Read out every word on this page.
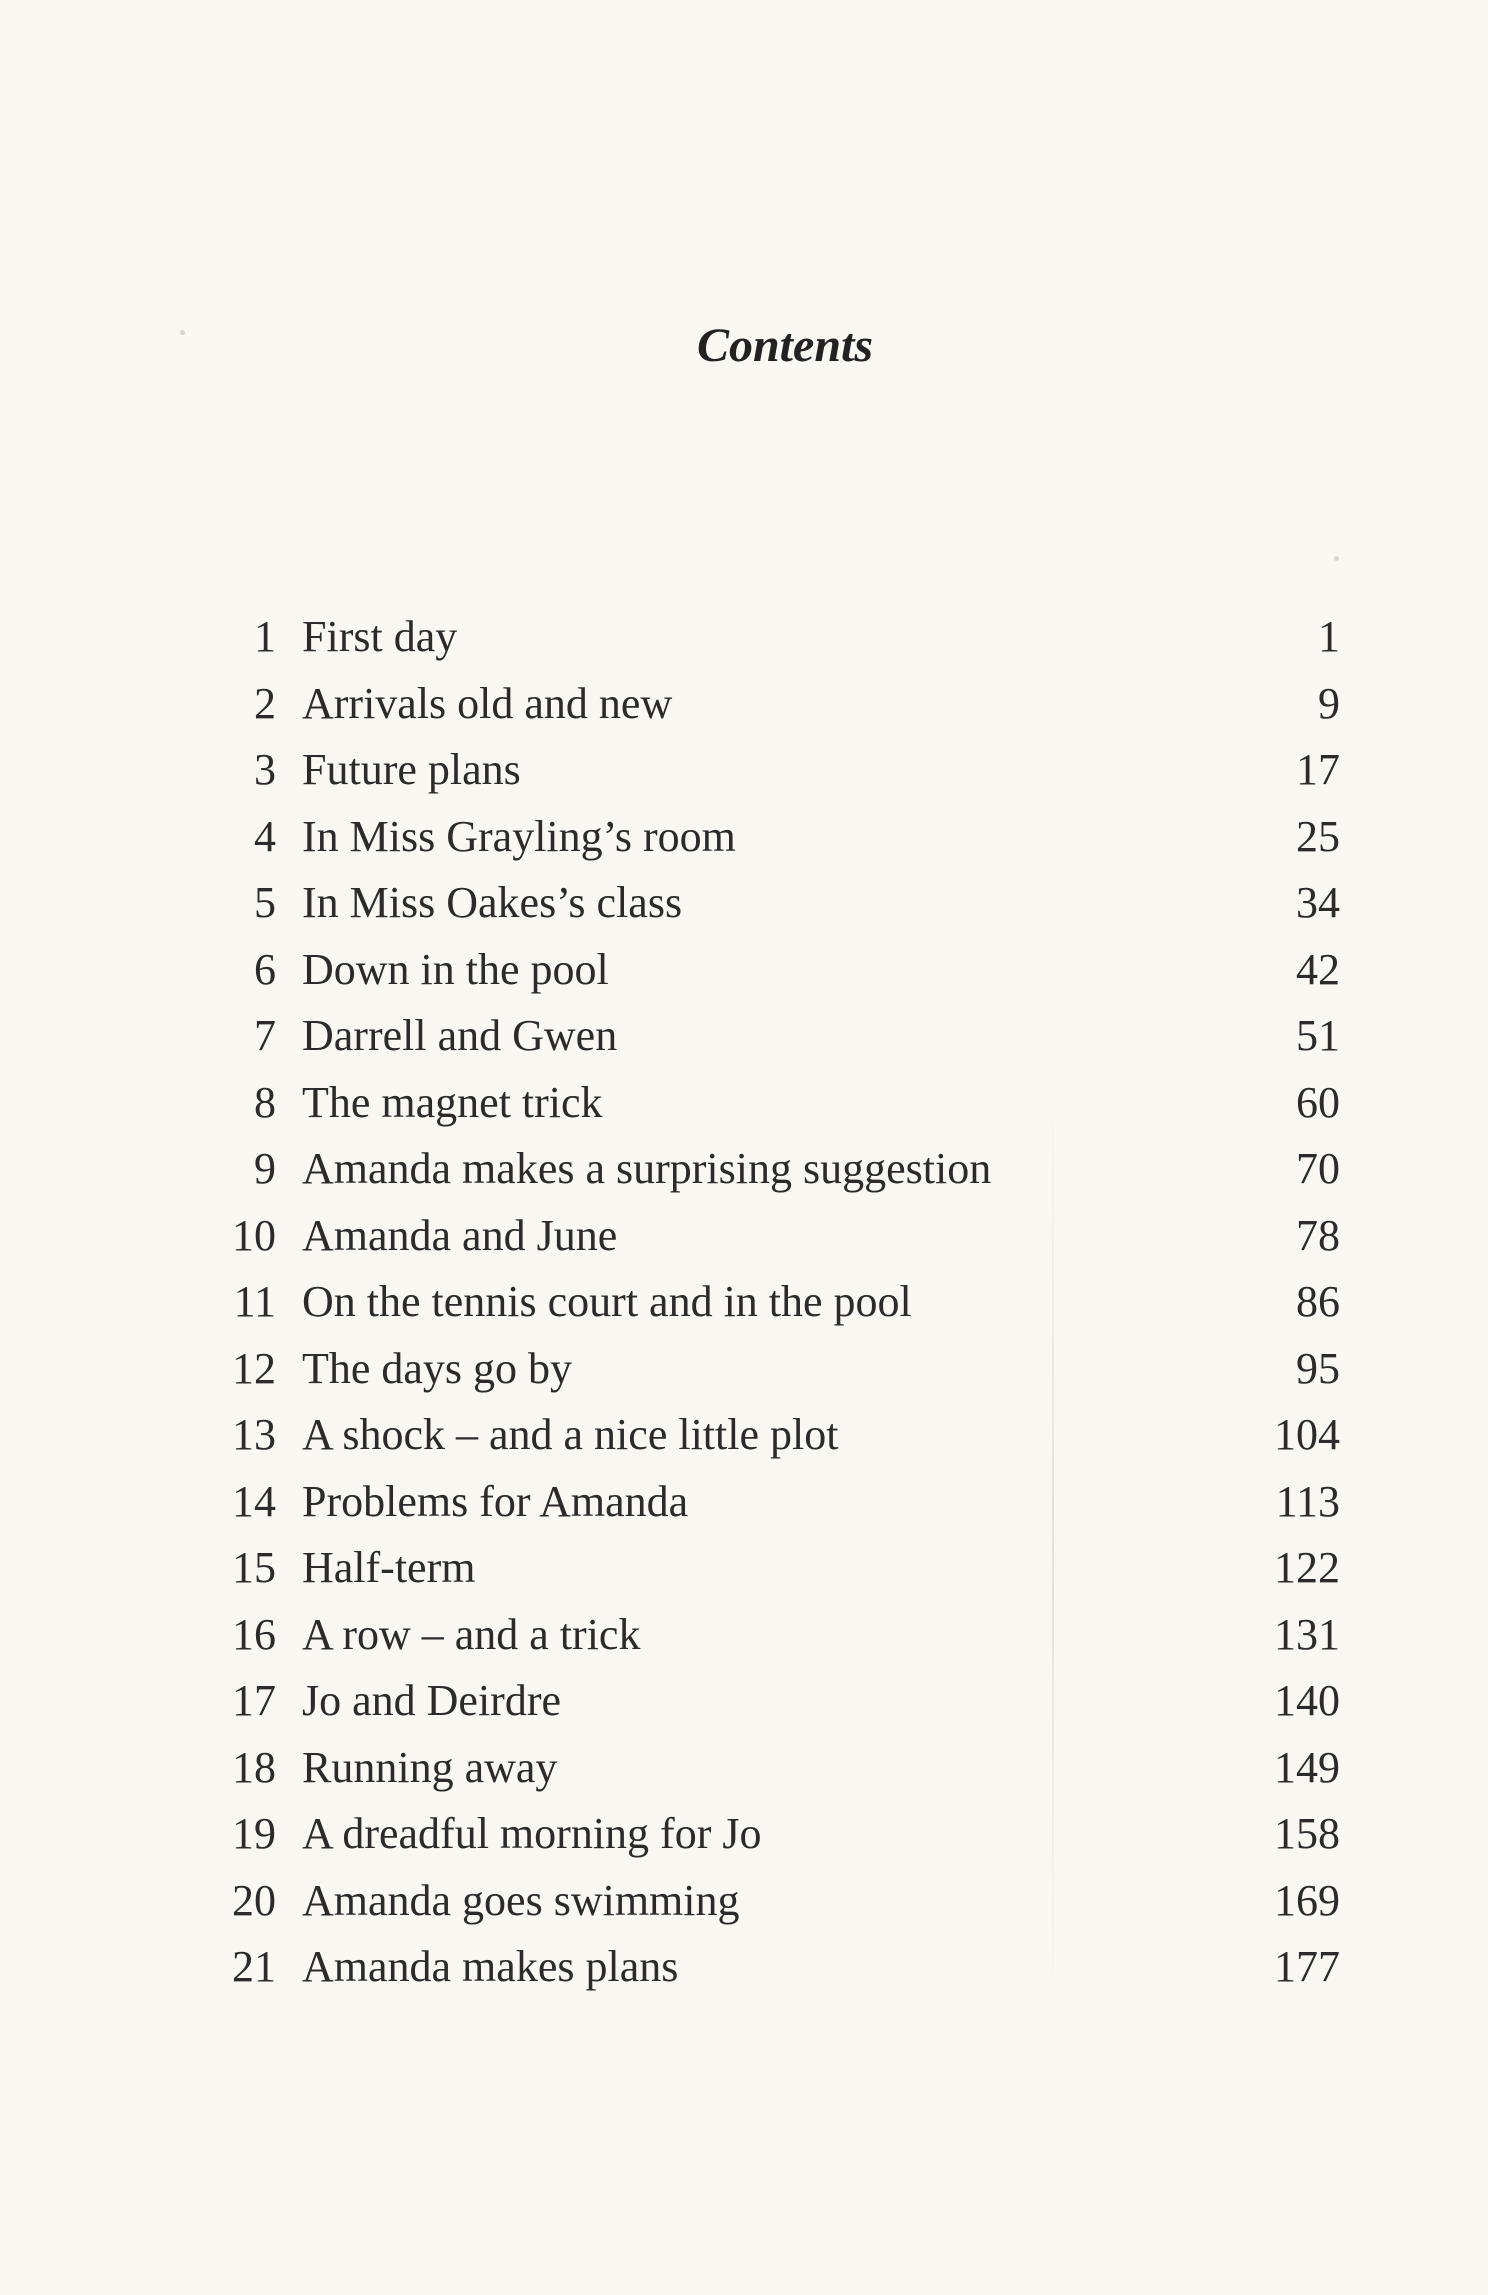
Contents
1 First day	1
2 Arrivals old and new	9
3 Future plans	17
4 In Miss Grayling’s room	25
5 In Miss Oakes’s class	34
6 Down in the pool	42
7 Darrell and Gwen	51
8 The magnet trick	60
9 Amanda makes a surprising suggestion	70
10 Amanda and June	78
11 On the tennis court and in the pool	86
12 The days go by	95
13 A shock – and a nice little plot	104
14 Problems for Amanda	113
15 Half-term	122
16 A row – and a trick	131
17 Jo and Deirdre	140
18 Running away	149
19 A dreadful morning for Jo	158
20 Amanda goes swimming	169
21 Amanda makes plans	177
